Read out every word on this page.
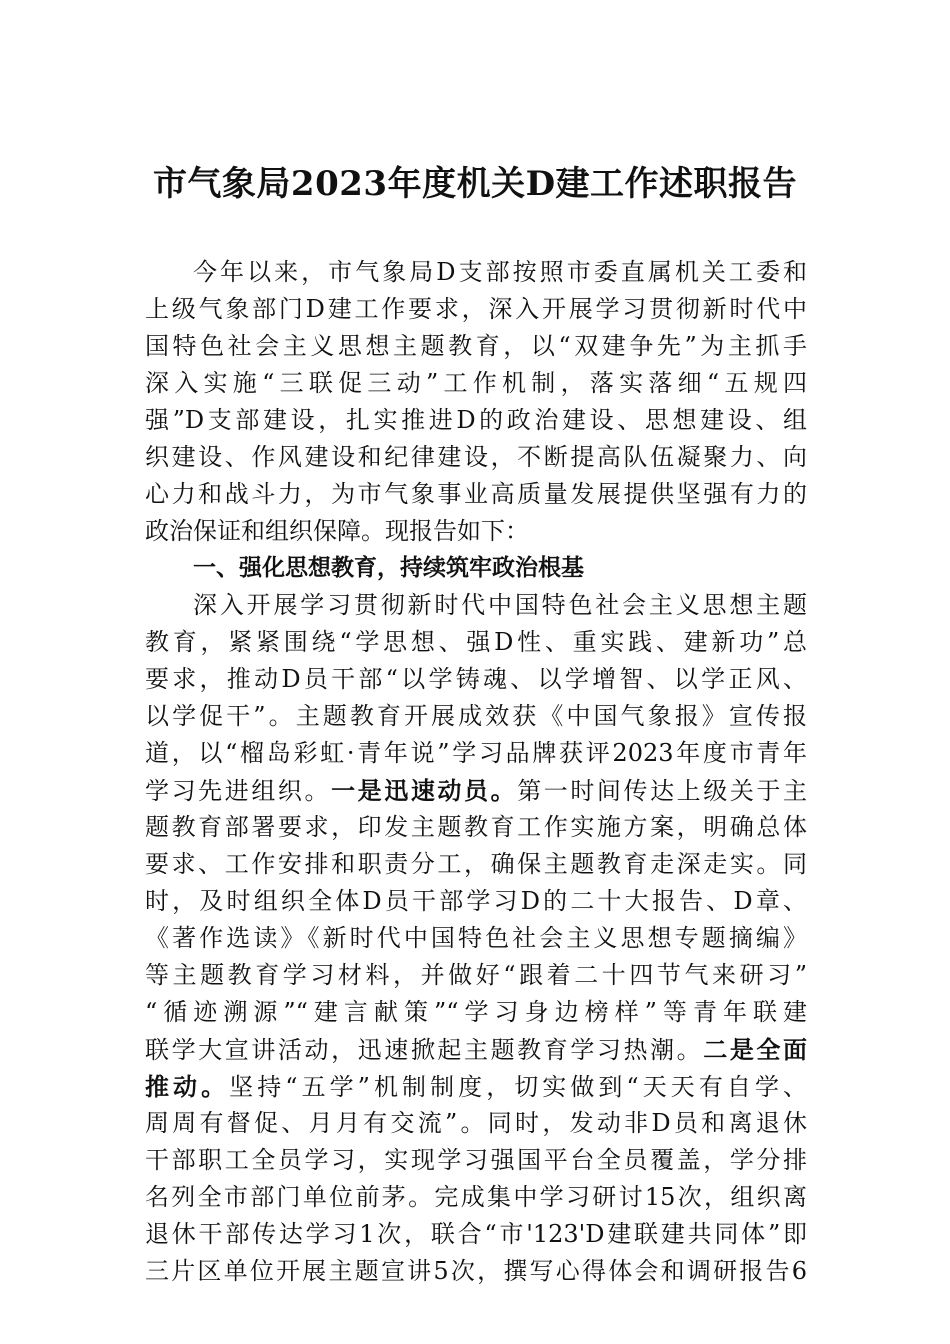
市气象局2023年度机关D建工作述职报告
今年以来，市气象局D支部按照市委直属机关工委和
上级气象部门D建工作要求，深入开展学习贯彻新时代中
国特色社会主义思想主题教育，以“双建争先”为主抓手
深入实施“三联促三动”工作机制，落实落细“五规四
强”D支部建设，扎实推进D的政治建设、思想建设、组
织建设、作风建设和纪律建设，不断提高队伍凝聚力、向
心力和战斗力，为市气象事业高质量发展提供坚强有力的
政治保证和组织保障。现报告如下：
一、强化思想教育，持续筑牢政治根基
深入开展学习贯彻新时代中国特色社会主义思想主题
教育，紧紧围绕“学思想、强D性、重实践、建新功”总
要求，推动D员干部“以学铸魂、以学增智、以学正风、
以学促干”。主题教育开展成效获《中国气象报》宣传报
道，以“榴岛彩虹·青年说”学习品牌获评2023年度市青年
学习先进组织。一是迅速动员。第一时间传达上级关于主
题教育部署要求，印发主题教育工作实施方案，明确总体
要求、工作安排和职责分工，确保主题教育走深走实。同
时，及时组织全体D员干部学习D的二十大报告、D章、
《著作选读》《新时代中国特色社会主义思想专题摘编》
等主题教育学习材料，并做好“跟着二十四节气来研习”
“循迹溯源”“建言献策”“学习身边榜样”等青年联建
联学大宣讲活动，迅速掀起主题教育学习热潮。二是全面
推动。坚持“五学”机制制度，切实做到“天天有自学、
周周有督促、月月有交流”。同时，发动非D员和离退休
干部职工全员学习，实现学习强国平台全员覆盖，学分排
名列全市部门单位前茅。完成集中学习研讨15次，组织离
退休干部传达学习1次，联合“市'123'D建联建共同体”即
三片区单位开展主题宣讲5次，撰写心得体会和调研报告6
